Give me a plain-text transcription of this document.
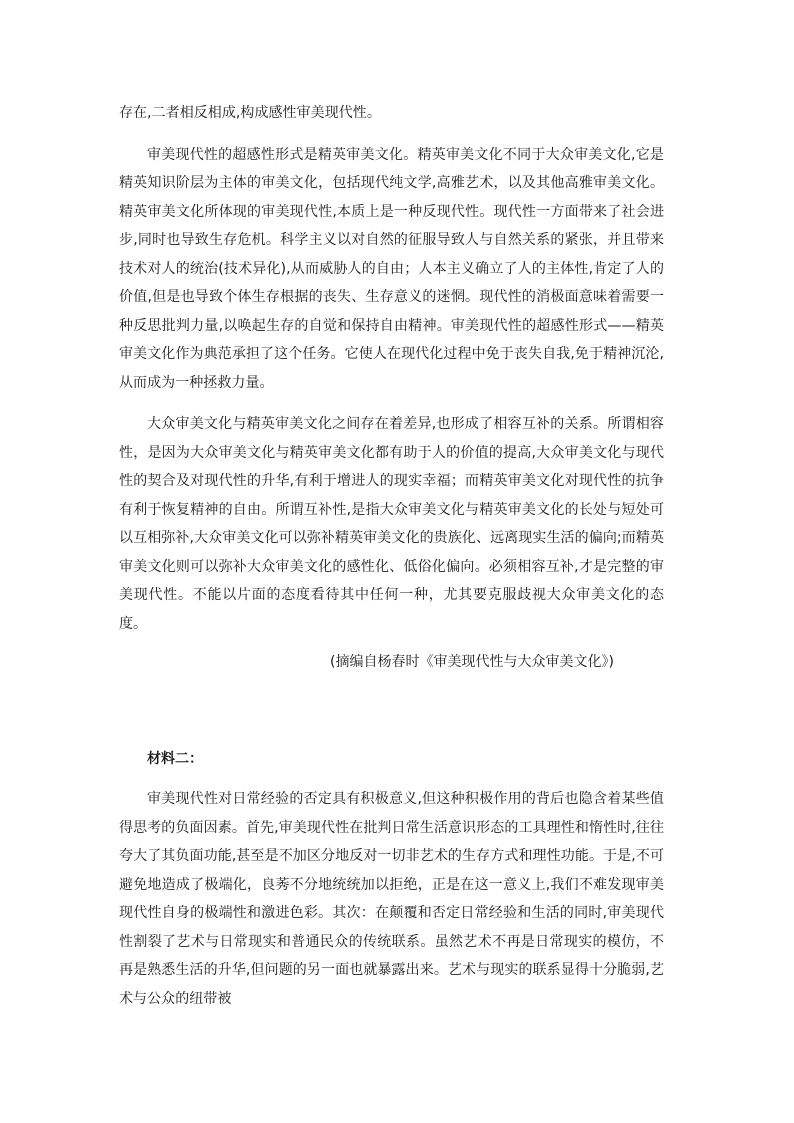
存在,二者相反相成,构成感性审美现代性。

审美现代性的超感性形式是精英审美文化。精英审美文化不同于大众审美文化,它是精英知识阶层为主体的审美文化，包括现代纯文学,高雅艺术，以及其他高雅审美文化。精英审美文化所体现的审美现代性,本质上是一种反现代性。现代性一方面带来了社会进步,同时也导致生存危机。科学主义以对自然的征服导致人与自然关系的紧张，并且带来技术对人的统治(技术异化),从而威胁人的自由；人本主义确立了人的主体性,肯定了人的价值,但是也导致个体生存根据的丧失、生存意义的迷惘。现代性的消极面意味着需要一种反思批判力量,以唤起生存的自觉和保持自由精神。审美现代性的超感性形式——精英审美文化作为典范承担了这个任务。它使人在现代化过程中免于丧失自我,免于精神沉沦,从而成为一种拯救力量。

大众审美文化与精英审美文化之间存在着差异,也形成了相容互补的关系。所谓相容性，是因为大众审美文化与精英审美文化都有助于人的价值的提高,大众审美文化与现代性的契合及对现代性的升华,有利于增进人的现实幸福；而精英审美文化对现代性的抗争有利于恢复精神的自由。所谓互补性,是指大众审美文化与精英审美文化的长处与短处可以互相弥补,大众审美文化可以弥补精英审美文化的贵族化、远离现实生活的偏向;而精英审美文化则可以弥补大众审美文化的感性化、低俗化偏向。必须相容互补,才是完整的审美现代性。不能以片面的态度看待其中任何一种，尤其要克服歧视大众审美文化的态度。

(摘编自杨春时《审美现代性与大众审美文化》)

材料二：

审美现代性对日常经验的否定具有积极意义,但这种积极作用的背后也隐含着某些值得思考的负面因素。首先,审美现代性在批判日常生活意识形态的工具理性和惰性时,往往夸大了其负面功能,甚至是不加区分地反对一切非艺术的生存方式和理性功能。于是,不可避免地造成了极端化，良莠不分地统统加以拒绝，正是在这一意义上,我们不难发现审美现代性自身的极端性和激进色彩。其次：在颠覆和否定日常经验和生活的同时,审美现代性割裂了艺术与日常现实和普通民众的传统联系。虽然艺术不再是日常现实的模仿，不再是熟悉生活的升华,但问题的另一面也就暴露出来。艺术与现实的联系显得十分脆弱,艺术与公众的纽带被
